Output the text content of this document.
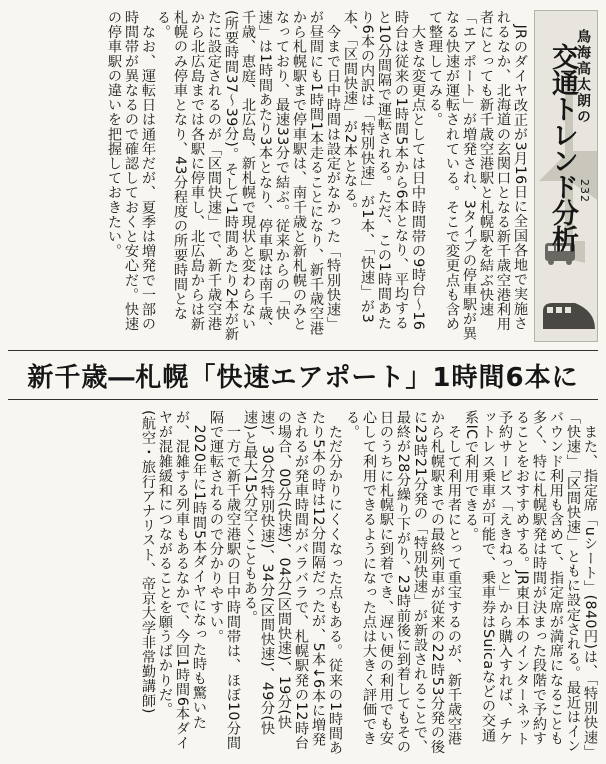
　JRのダイヤ改正が3月16日に全国各地で実施されるなか、北海道の玄関口となる新千歳空港利用者にとっても新千歳空港駅と札幌駅を結ぶ快速「エアポート」が増発され、3タイプの停車駅が異なる快速が運転されている。そこで変更点も含めて整理してみる。
　大きな変更点としては日中時間帯の9時台〜16時台は従来の1時間5本から6本となり、平均すると10分間隔で運転される。ただ、この1時間あたり6本の内訳は「特別快速」が1本、「快速」が3本、「区間快速」が2本となる。
　今まで日中時間は設定がなかった「特別快速」が昼間にも1時間1本走ることになり、新千歳空港から札幌駅まで停車駅は、南千歳と新札幌のみとなっており、最速33分で結ぶ。従来からの「快速」は1時間あたり3本となり、停車駅は南千歳、千歳、恵庭、北広島、新札幌で現状と変わらない(所要時間37〜39分)。そして1時間あたり2本が新たに設定されるのが「区間快速」で、新千歳空港から北広島までは各駅に停車し、北広島からは新札幌のみ停車となり、43分程度の所要時間となる。
　なお、運転日は通年だが、夏季は増発で一部の時間帯が異なるので確認しておくと安心だ。快速の停車駅の違いを把握しておきたい。	鳥海高太朗の
交通トレンド分析 232
新千歳―札幌「快速エアポート」1時間6本に
　また、指定席「uシート」(840円)は、「特別快速」「快速」「区間快速」ともに設定される。最近はインバウンド利用も含めて、指定席が満席になることも多く、特に札幌駅発は時間が決まった段階で予約することをおすすめする。JR東日本のインターネット予約サービス「えきねっと」から購入すれば、チケットレス乗車が可能で、乗車券はSuicaなどの交通系ICで利用できる。
　そして利用者にとって重宝するのが、新千歳空港から札幌駅までの最終列車が従来の22時53分発の後に23時21分発の「特別快速」が新設されることで、最終が28分繰り下がり、23時前後に到着してもその日のうちに札幌駅に到着でき、遅い便の利用でも安心して利用できるようになった点は大きく評価できる。
　ただ分かりにくくなった点もある。従来の1時間あたり5本の時は12分間隔だったが、5本↓6本に増発されるが発車時間がバラバラで、札幌駅発の12時台の場合、00分(快速)、04分(区間快速)、19分(快速)、30分(特別快速)、34分(区間快速)、49分(快速)と最大15分空くこともある。
　一方で新千歳空港駅の日中時間帯は、ほぼ10分間隔で運転されるので分かりやすい。
　2020年に1時間5本ダイヤになった時も驚いたが、混雑する列車もあるなかで、今回1時間6本ダイヤが混雑緩和につながることを願うばかりだ。
(航空・旅行アナリスト、帝京大学非常勤講師)
